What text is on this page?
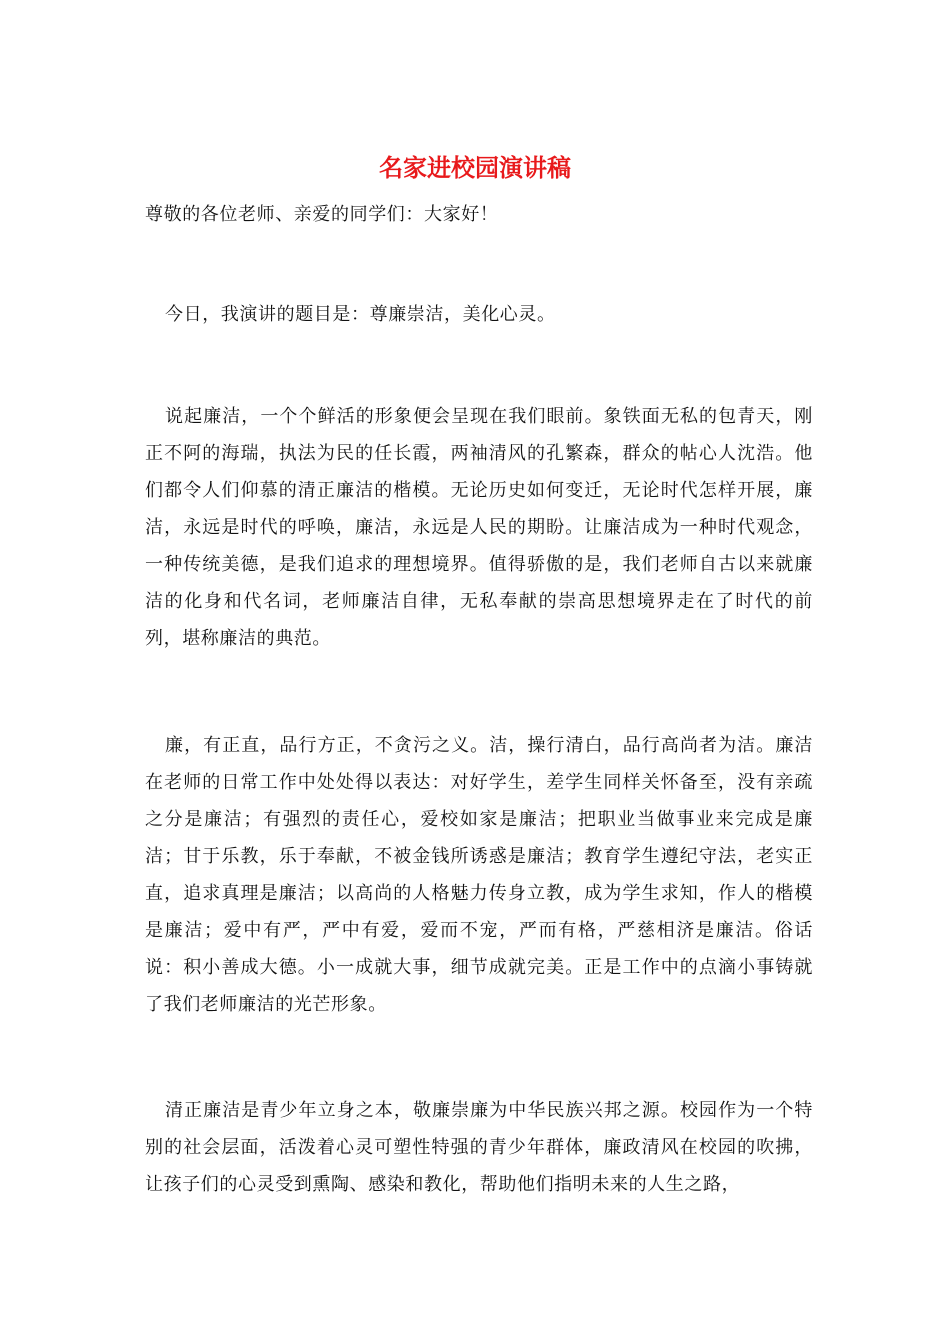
名家进校园演讲稿

尊敬的各位老师、亲爱的同学们：大家好！

今日，我演讲的题目是：尊廉崇洁，美化心灵。

说起廉洁，一个个鲜活的形象便会呈现在我们眼前。象铁面无私的包青天，刚正不阿的海瑞，执法为民的任长霞，两袖清风的孔繁森，群众的帖心人沈浩。他们都令人们仰慕的清正廉洁的楷模。无论历史如何变迁，无论时代怎样开展，廉洁，永远是时代的呼唤，廉洁，永远是人民的期盼。让廉洁成为一种时代观念，一种传统美德，是我们追求的理想境界。值得骄傲的是，我们老师自古以来就廉洁的化身和代名词，老师廉洁自律，无私奉献的崇高思想境界走在了时代的前列，堪称廉洁的典范。

廉，有正直，品行方正，不贪污之义。洁，操行清白，品行高尚者为洁。廉洁在老师的日常工作中处处得以表达：对好学生，差学生同样关怀备至，没有亲疏之分是廉洁；有强烈的责任心，爱校如家是廉洁；把职业当做事业来完成是廉洁；甘于乐教，乐于奉献，不被金钱所诱惑是廉洁；教育学生遵纪守法，老实正直，追求真理是廉洁；以高尚的人格魅力传身立教，成为学生求知，作人的楷模是廉洁；爱中有严，严中有爱，爱而不宠，严而有格，严慈相济是廉洁。俗话说：积小善成大德。小一成就大事，细节成就完美。正是工作中的点滴小事铸就了我们老师廉洁的光芒形象。

清正廉洁是青少年立身之本，敬廉崇廉为中华民族兴邦之源。校园作为一个特别的社会层面，活泼着心灵可塑性特强的青少年群体，廉政清风在校园的吹拂，让孩子们的心灵受到熏陶、感染和教化，帮助他们指明未来的人生之路，
